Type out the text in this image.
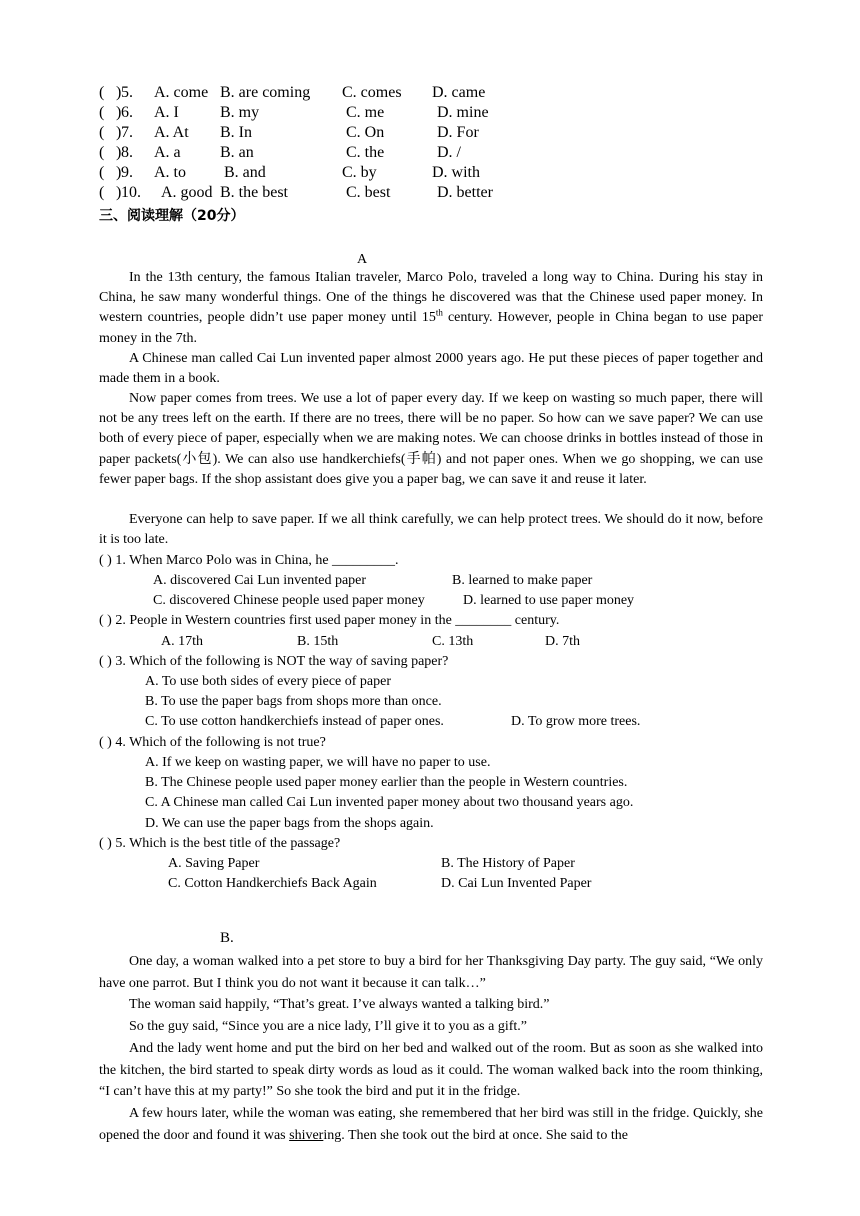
( ) 5. A. come B. are coming C. comes D. came
( ) 6. A. I	B. my	C. me	D. mine
( ) 7. A. At B. In	C. On	D. For
( ) 8. A. a B. an	C. the	D. /
( ) 9. A. to B. and	C. by	D. with
( ) 10. A. good B. the best	C. best	D. better
三、阅读理解（20分）
A
In the 13th century, the famous Italian traveler, Marco Polo, traveled a long way to China. During his stay in China, he saw many wonderful things. One of the things he discovered was that the Chinese used paper money. In western countries, people didn’t use paper money until 15th century. However, people in China began to use paper money in the 7th.
A Chinese man called Cai Lun invented paper almost 2000 years ago. He put these pieces of paper together and made them in a book.
Now paper comes from trees. We use a lot of paper every day. If we keep on wasting so much paper, there will not be any trees left on the earth. If there are no trees, there will be no paper. So how can we save paper? We can use both of every piece of paper, especially when we are making notes. We can choose drinks in bottles instead of those in paper packets(小包). We can also use handkerchiefs(手帕) and not paper ones. When we go shopping, we can use fewer paper bags. If the shop assistant does give you a paper bag, we can save it and reuse it later.
Everyone can help to save paper. If we all think carefully, we can help protect trees. We should do it now, before it is too late.
( ) 1. When Marco Polo was in China, he _________.
A. discovered Cai Lun invented paper	B. learned to make paper
C. discovered Chinese people used paper money	D. learned to use paper money
( ) 2. People in Western countries first used paper money in the ________ century.
A. 17th	B. 15th	C. 13th	D. 7th
( ) 3. Which of the following is NOT the way of saving paper?
A. To use both sides of every piece of paper
B. To use the paper bags from shops more than once.
C. To use cotton handkerchiefs instead of paper ones.	D. To grow more trees.
( ) 4. Which of the following is not true?
A. If we keep on wasting paper, we will have no paper to use.
B. The Chinese people used paper money earlier than the people in Western countries.
C. A Chinese man called Cai Lun invented paper money about two thousand years ago.
D. We can use the paper bags from the shops again.
( ) 5. Which is the best title of the passage?
A. Saving Paper	B. The History of Paper
C. Cotton Handkerchiefs Back Again	D. Cai Lun Invented Paper
B.
One day, a woman walked into a pet store to buy a bird for her Thanksgiving Day party. The guy said, “We only have one parrot. But I think you do not want it because it can talk…”
The woman said happily, “That’s great. I’ve always wanted a talking bird.”
So the guy said, “Since you are a nice lady, I’ll give it to you as a gift.”
And the lady went home and put the bird on her bed and walked out of the room. But as soon as she walked into the kitchen, the bird started to speak dirty words as loud as it could. The woman walked back into the room thinking, “I can’t have this at my party!” So she took the bird and put it in the fridge.
A few hours later, while the woman was eating, she remembered that her bird was still in the fridge. Quickly, she opened the door and found it was shivering. Then she took out the bird at once. She said to the
